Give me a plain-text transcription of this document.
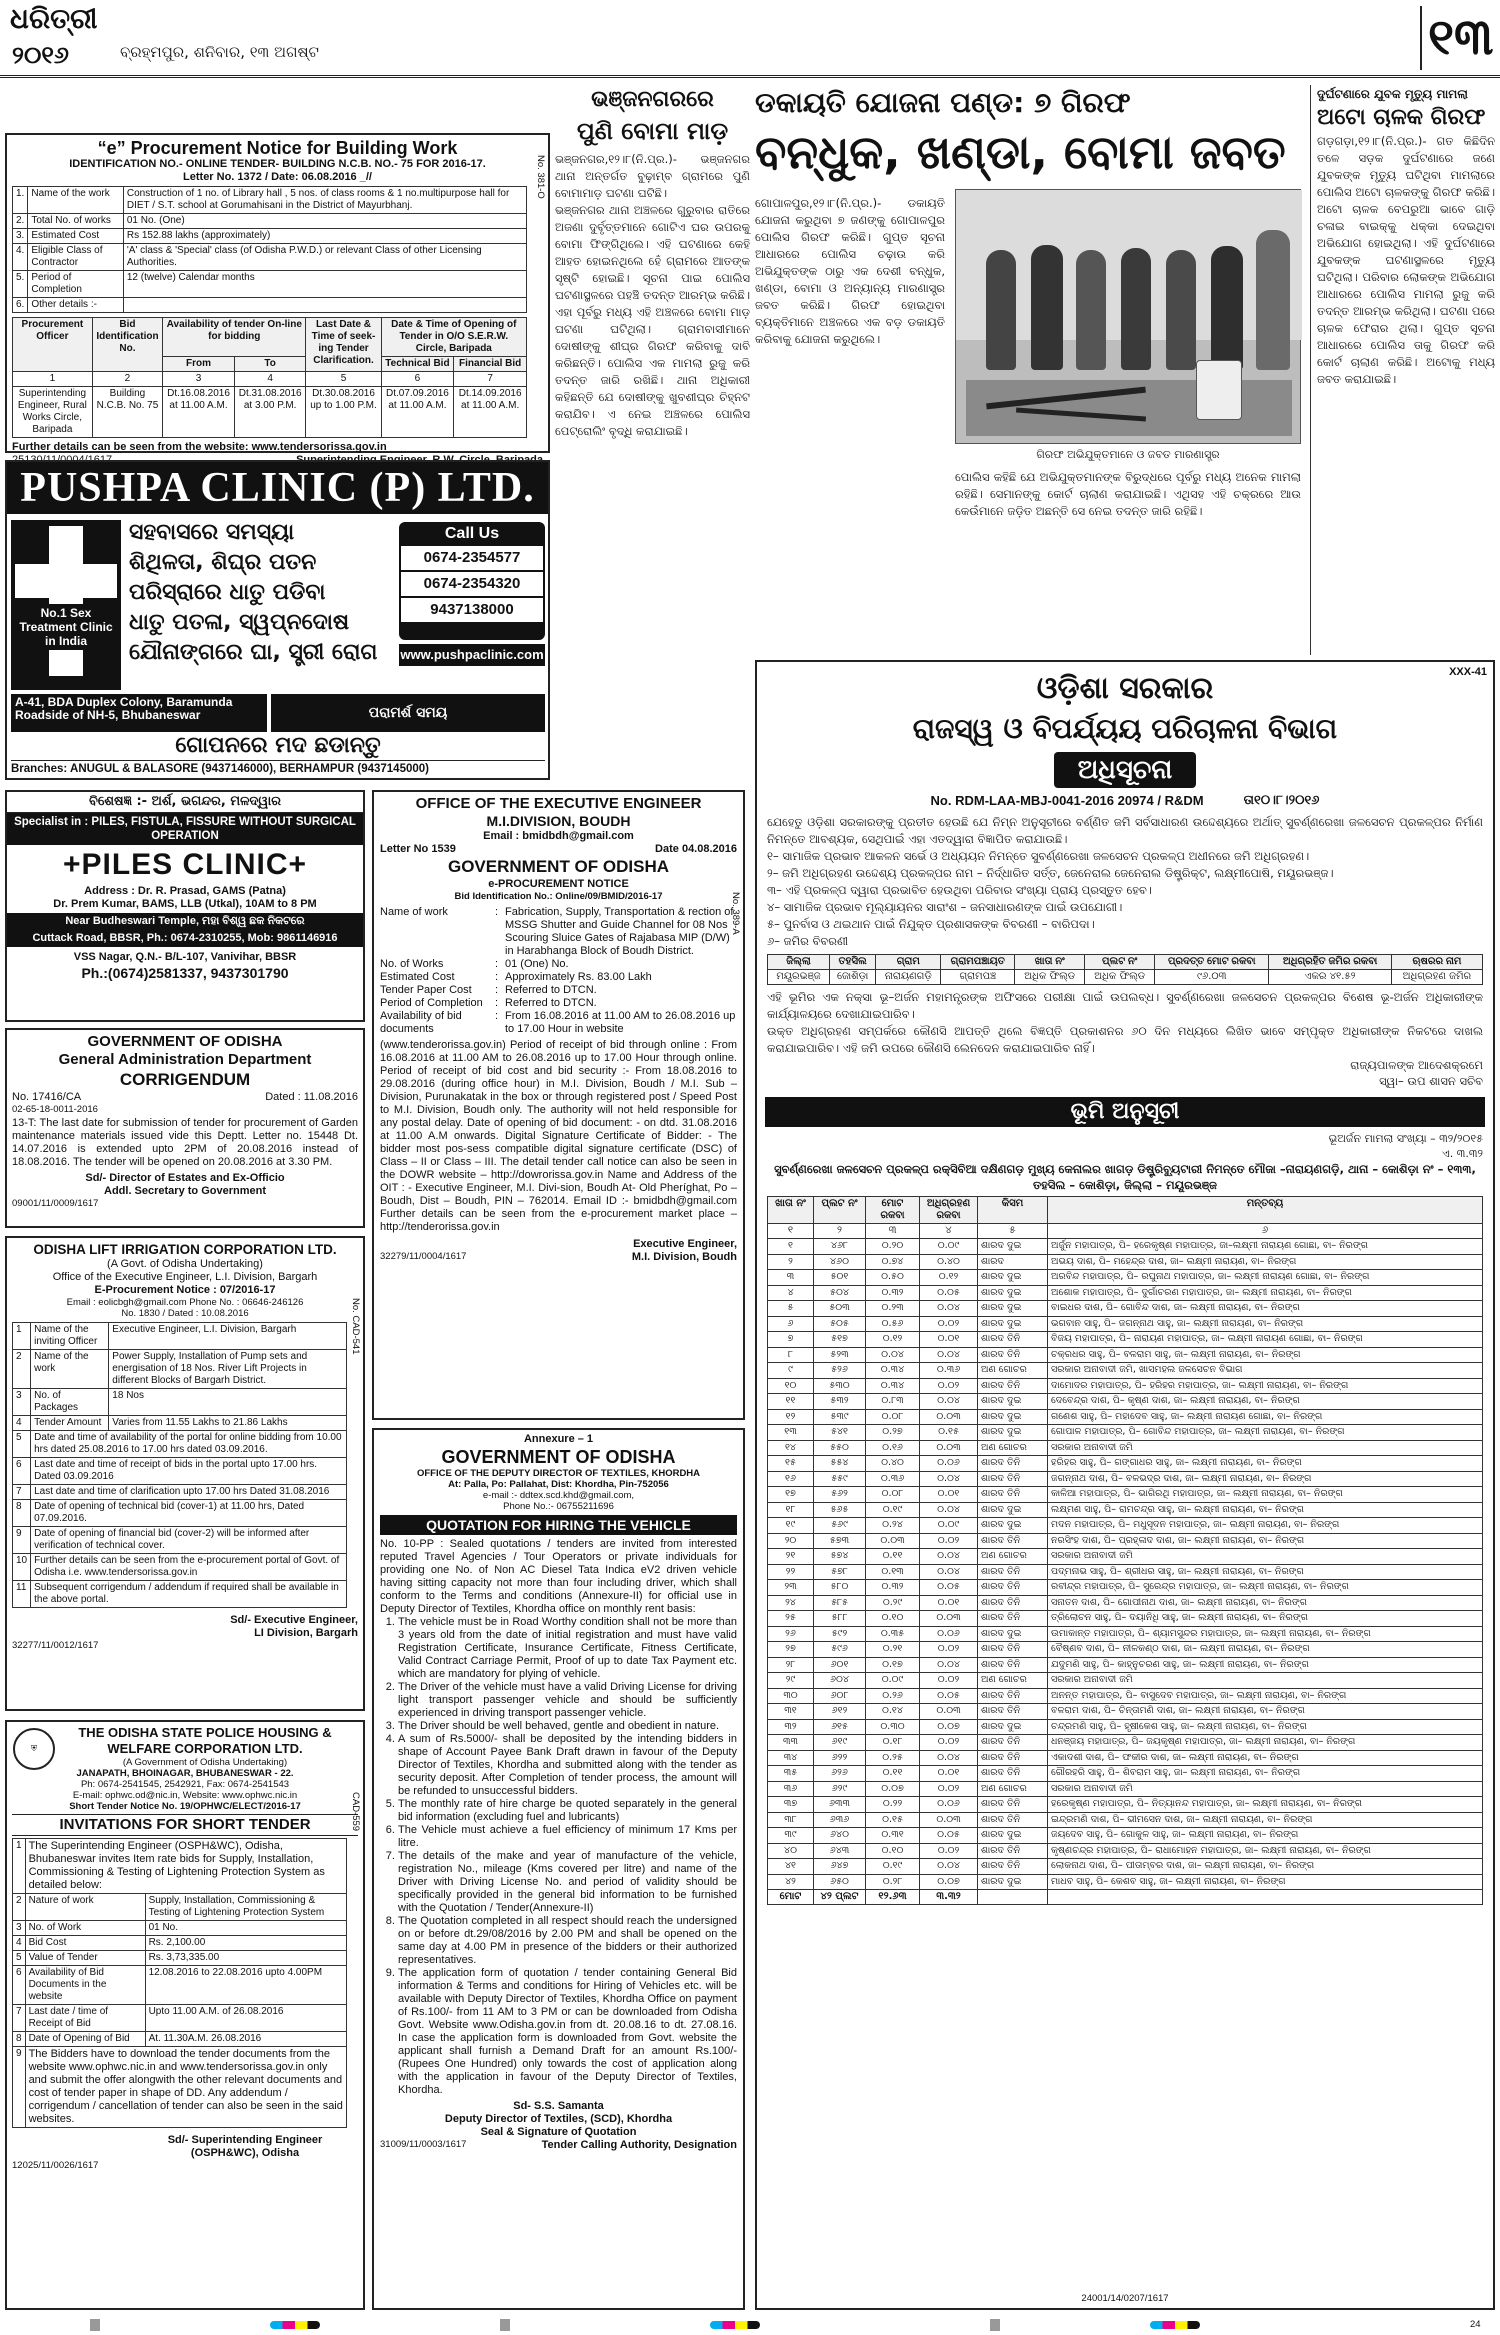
ଧରିତ୍ରୀ
୨୦୧୬	ବ୍ରହ୍ମପୁର, ଶନିବାର, ୧୩ ଅଗଷ୍ଟ	୧୩
“e” Procurement Notice for Building Work
IDENTIFICATION NO.- ONLINE TENDER- BUILDING N.C.B. NO.- 75 FOR 2016-17.
Letter No. 1372 / Date: 06.08.2016 _//	No. 381-O
1.	Name of the work	Construction of 1 no. of Library hall , 5 nos. of class rooms & 1 no.multipurpose hall for DIET / S.T. school at Gorumahisani in the District of Mayurbhanj.
2.	Total No. of works	01 No. (One)
3.	Estimated Cost	Rs 152.88 lakhs (approximately)
4.	Eligible Class of Contractor	'A' class & 'Special' class (of Odisha P.W.D.) or relevant Class of other Licensing Authorities.
5.	Period of Completion	12 (twelve) Calendar months
6.	Other details :-	
Procurement Officer	Bid Identification No.	Availability of tender On-line for bidding		Last Date & Time of seek-ing Tender Clarification.	Date & Time of Opening of Tender in O/O S.E.R.W. Circle, Baripada	
		From	To		Technical Bid	Financial Bid
1	2	3	4	5	6	7
Superintending Engineer, Rural Works Circle, Baripada	Building N.C.B. No. 75	Dt.16.08.2016 at 11.00 A.M.	Dt.31.08.2016 at 3.00 P.M.	Dt.30.08.2016 up to 1.00 P.M.	Dt.07.09.2016 at 11.00 A.M.	Dt.14.09.2016 at 11.00 A.M.
Further details can be seen from the website: www.tendersorissa.gov.in
PUSHPA CLINIC (P) LTD.
No.1 Sex Treatment Clinic in India
ସହବାସରେ ସମସ୍ୟା
ଶିଥିଳତା, ଶିଘ୍ର ପତନ
ପରିସ୍ରାରେ ଧାତୁ ପଡିବା
ଧାତୁ ପତଳା, ସ୍ୱପ୍ନଦୋଷ
ଯୌନାଙ୍ଗରେ ଘା, ସ୍ତ୍ରୀ ରୋଗ
Call Us
0674-2354577
0674-2354320
9437138000
www.pushpaclinic.com
A-41, BDA Duplex Colony, Baramunda Roadside of NH-5, Bhubaneswar	ପରାମର୍ଶ ସମୟ
ଗୋପନରେ ମଦ ଛଡାନ୍ତୁ
Branches: ANUGUL & BALASORE (9437146000), BERHAMPUR (9437145000)
ବିଶେଷଜ୍ଞ :- ଅର୍ଶ, ଭଗନ୍ଦର, ମଳଦ୍ୱାର
Specialist in : PILES, FISTULA, FISSURE WITHOUT SURGICAL OPERATION
+PILES CLINIC+
Address : Dr. R. Prasad, GAMS (Patna)
Dr. Prem Kumar, BAMS, LLB (Utkal), 10AM to 8 PM
Near Budheswari Temple, ମହା ବିଶ୍ୱ ଛକ ନିକଟରେ
Cuttack Road, BBSR, Ph.: 0674-2310255, Mob: 9861146916
VSS Nagar, Q.N.- B/L-107, Vanivihar, BBSR
Ph.:(0674)2581337, 9437301790
GOVERNMENT OF ODISHA
General Administration Department
CORRIGENDUM
No. 17416/CA	Dated : 11.08.2016
02-65-18-0011-2016
13-T: The last date for submission of tender for procurement of Garden maintenance materials issued vide this Deptt. Letter no. 15448 Dt. 14.07.2016 is extended upto 2PM of 20.08.2016 instead of 18.08.2016. The tender will be opened on 20.08.2016 at 3.30 PM.
Sd/- Director of Estates and Ex-Officio
Addl. Secretary to Government
09001/11/0009/1617
ODISHA LIFT IRRIGATION CORPORATION LTD.
(A Govt. of Odisha Undertaking)
Office of the Executive Engineer, L.I. Division, Bargarh
E-Procurement Notice : 07/2016-17
Email : eolicbgh@gmail.com Phone No. : 06646-246126
No. 1830 / Dated : 10.08.2016	No. CAD-541
1	Name of the inviting Officer	Executive Engineer, L.I. Division, Bargarh
2	Name of the work	Power Supply, Installation of Pump sets and energisation of 18 Nos. River Lift Projects in different Blocks of Bargarh District.
3	No. of Packages	18 Nos
4	Tender Amount	Varies from 11.55 Lakhs to 21.86 Lakhs
5	Date and time of availability of the portal for online bidding from 10.00 hrs dated 25.08.2016 to 17.00 hrs dated 03.09.2016.	
6	Last date and time of receipt of bids in the portal upto 17.00 hrs. Dated 03.09.2016	
7	Last date and time of clarification upto 17.00 hrs Dated 31.08.2016	
8	Date of opening of technical bid (cover-1) at 11.00 hrs, Dated 07.09.2016.	
9	Date of opening of financial bid (cover-2) will be informed after verification of technical cover.	
10	Further details can be seen from the e-procurement portal of Govt. of Odisha i.e. www.tendersorissa.gov.in	
11	Subsequent corrigendum / addendum if required shall be available in the above portal.	
Sd/- Executive Engineer,
LI Division, Bargarh
32277/11/0012/1617
⛨
THE ODISHA STATE POLICE HOUSING &
WELFARE CORPORATION LTD.
(A Government of Odisha Undertaking)
JANAPATH, BHOINAGAR, BHUBANESWAR - 22.
Ph: 0674-2541545, 2542921, Fax: 0674-2541543
E-mail: ophwc.od@nic.in, Website: www.ophwc.nic.in
Short Tender Notice No. 19/OPHWC/ELECT/2016-17	CAD-559
INVITATIONS FOR SHORT TENDER
1	The Superintending Engineer (OSPH&WC), Odisha, Bhubaneswar invites Item rate bids for Supply, Installation, Commissioning & Testing of Lightening Protection System as detailed below:	
2	Nature of work	Supply, Installation, Commissioning & Testing of Lightening Protection System
3	No. of Work	01 No.
4	Bid Cost	Rs. 2,100.00
5	Value of Tender	Rs. 3,73,335.00
6	Availability of Bid Documents in the website	12.08.2016 to 22.08.2016 upto 4.00PM
7	Last date / time of Receipt of Bid	Upto 11.00 A.M. of 26.08.2016
8	Date of Opening of Bid	At. 11.30A.M. 26.08.2016
9	The Bidders have to download the tender documents from the website www.ophwc.nic.in and www.tendersorissa.gov.in only and submit the offer alongwith the other relevant documents and cost of tender paper in shape of DD. Any addendum / corrigendum / cancellation of tender can also be seen in the said websites.	
Sd/- Superintending Engineer
(OSPH&WC), Odisha
12025/11/0026/1617
ଭଞ୍ଜନଗରରେ
ପୁଣି ବୋମା ମାଡ଼
ଭଞ୍ଜନଗର,୧୨।୮(ନି.ପ୍ର.)- ଭଞ୍ଜନଗର ଥାନା ଅନ୍ତର୍ଗତ ବୁଢ଼ାମ୍ବ ଗ୍ରାମରେ ପୁଣି ବୋମାମାଡ଼ ଘଟଣା ଘଟିଛି।
ଭଞ୍ଜନଗର ଥାନା ଅଞ୍ଚଳରେ ଗୁରୁବାର ରାତିରେ ଅଜଣା ଦୁର୍ବୃତ୍ତମାନେ ଗୋଟିଏ ଘର ଉପରକୁ ବୋମା ଫିଙ୍ଗିଥିଲେ। ଏହି ଘଟଣାରେ କେହି ଆହତ ହୋଇନଥିଲେ ହେଁ ଗ୍ରାମରେ ଆତଙ୍କ ସୃଷ୍ଟି ହୋଇଛି। ସୂଚନା ପାଇ ପୋଲିସ ଘଟଣାସ୍ଥଳରେ ପହଞ୍ଚି ତଦନ୍ତ ଆରମ୍ଭ କରିଛି। ଏହା ପୂର୍ବରୁ ମଧ୍ୟ ଏହି ଅଞ୍ଚଳରେ ବୋମା ମାଡ଼ ଘଟଣା ଘଟିଥିଲା। ଗ୍ରାମବାସୀମାନେ ଦୋଷୀଙ୍କୁ ଶୀଘ୍ର ଗିରଫ କରିବାକୁ ଦାବି କରିଛନ୍ତି। ପୋଲିସ ଏକ ମାମଲା ରୁଜୁ କରି ତଦନ୍ତ ଜାରି ରଖିଛି। ଥାନା ଅଧିକାରୀ କହିଛନ୍ତି ଯେ ଦୋଷୀଙ୍କୁ ଖୁବଶୀଘ୍ର ଚିହ୍ନଟ କରାଯିବ। ଏ ନେଇ ଅଞ୍ଚଳରେ ପୋଲିସ ପେଟ୍ରୋଲିଂ ବୃଦ୍ଧି କରାଯାଇଛି।
OFFICE OF THE EXECUTIVE ENGINEER
M.I.DIVISION, BOUDH
Email : bmidbdh@gmail.com
Letter No 1539	Date 04.08.2016
GOVERNMENT OF ODISHA
e-PROCUREMENT NOTICE
Bid Identification No.: Online/09/BMID/2016-17	No. 389-A
Name of work	: Fabrication, Supply, Transportation & rection of MSSG Shutter and Guide Channel for 08 Nos Scouring Sluice Gates of Rajabasa MIP (D/W) in Harabhanga Block of Boudh District.
No. of Works	: 01 (One) No.
Estimated Cost	: Approximately Rs. 83.00 Lakh
Tender Paper Cost	: Referred to DTCN.
Period of Completion	: Referred to DTCN.
Availability of bid documents
: From 16.08.2016 at 11.00 AM to 26.08.2016 up to 17.00 Hour in website
(www.tenderorissa.gov.in) Period of receipt of bid through online : From 16.08.2016 at 11.00 AM to 26.08.2016 up to 17.00 Hour through online. Period of receipt of bid cost and bid security :- From 18.08.2016 to 29.08.2016 (during office hour) in M.I. Division, Boudh / M.I. Sub – Division, Purunakatak in the box or through registered post / Speed Post to M.I. Division, Boudh only. The authority will not held responsible for any postal delay. Date of opening of bid document: - on dtd. 31.08.2016 at 11.00 A.M onwards. Digital Signature Certificate of Bidder: - The bidder most pos-sess compatible digital signature certificate (DSC) of Class – II or Class – III. The detail tender call notice can also be seen in the DOWR website – http://dowrorissa.gov.in Name and Address of the OIT : - Executive Engineer, M.I. Divi-sion, Boudh At- Old Pheríghat, Po – Boudh, Dist – Boudh, PIN – 762014. Email ID :- bmidbdh@gmail.com Further details can be seen from the e-procurement market place – http://tenderorissa.gov.in
Executive Engineer,
32279/11/0004/1617	M.I. Division, Boudh
Annexure – 1
GOVERNMENT OF ODISHA
OFFICE OF THE DEPUTY DIRECTOR OF TEXTILES, KHORDHA
At: Palla, Po: Pallahat, Dist: Khordha, Pin-752056
e-mail :- ddtex.scd.khd@gmail.com,
Phone No.:- 06755211696
QUOTATION FOR HIRING THE VEHICLE
No. 10-PP : Sealed quotations / tenders are invited from interested reputed Travel Agencies / Tour Operators or private individuals for providing one No. of Non AC Diesel Tata Indica eV2 driven vehicle having sitting capacity not more than four including driver, which shall conform to the Terms and conditions (Annexure-II) for official use in Deputy Director of Textiles, Khordha office on monthly rent basis:
1. The vehicle must be in Road Worthy condition shall not be more than 3 years old from the date of initial registration and must have valid Registration Certificate, Insurance Certificate, Fitness Certificate, Valid Contract Carriage Permit, Proof of up to date Tax Payment etc. which are mandatory for plying of vehicle.
2. The Driver of the vehicle must have a valid Driving License for driving light transport passenger vehicle and should be sufficiently experienced in driving transport passenger vehicle.
3. The Driver should be well behaved, gentle and obedient in nature.
4. A sum of Rs.5000/- shall be deposited by the intending bidders in shape of Account Payee Bank Draft drawn in favour of the Deputy Director of Textiles, Khordha and submitted along with the tender as security deposit. After Completion of tender process, the amount will be refunded to unsuccessful bidders.
5. The monthly rate of hire charge be quoted separately in the general bid information (excluding fuel and lubricants)
6. The Vehicle must achieve a fuel efficiency of minimum 17 Kms per litre.
7. The details of the make and year of manufacture of the vehicle, registration No., mileage (Kms covered per litre) and name of the Driver with Driving License No. and period of validity should be specifically provided in the general bid information to be furnished with the Quotation / Tender(Annexure-II)
8. The Quotation completed in all respect should reach the undersigned on or before dt.29/08/2016 by 2.00 PM and shall be opened on the same day at 4.00 PM in presence of the bidders or their authorized representatives.
9. The application form of quotation / tender containing General Bid information & Terms and conditions for Hiring of Vehicles etc. will be available with Deputy Director of Textiles, Khordha Office on payment of Rs.100/- from 11 AM to 3 PM or can be downloaded from Odisha Govt. Website www.Odisha.gov.in from dt. 20.08.16 to dt. 27.08.16. In case the application form is downloaded from Govt. website the applicant shall furnish a Demand Draft for an amount Rs.100/- (Rupees One Hundred) only towards the cost of application along with the application in favour of the Deputy Director of Textiles, Khordha.
Sd- S.S. Samanta
Deputy Director of Textiles, (SCD), Khordha
Seal & Signature of Quotation
31009/11/0003/1617	Tender Calling Authority, Designation
ଡକାୟତି ଯୋଜନା ପଣ୍ଡ: ୭ ଗିରଫ
ବନ୍ଧୁକ, ଖଣ୍ଡା, ବୋମା ଜବତ
ଗୋପାଳପୁର,୧୨।୮(ନି.ପ୍ର.)- ଡକାୟତି ଯୋଜନା କରୁଥିବା ୭ ଜଣଙ୍କୁ ଗୋପାଳପୁର ପୋଲିସ ଗିରଫ କରିଛି। ଗୁପ୍ତ ସୂଚନା ଆଧାରରେ ପୋଲିସ ଚଢ଼ାଉ କରି ଅଭିଯୁକ୍ତଙ୍କ ଠାରୁ ଏକ ଦେଶୀ ବନ୍ଧୁକ, ଖଣ୍ଡା, ବୋମା ଓ ଅନ୍ୟାନ୍ୟ ମାରଣାସ୍ତ୍ର ଜବତ କରିଛି। ଗିରଫ ହୋଇଥିବା ବ୍ୟକ୍ତିମାନେ ଅଞ୍ଚଳରେ ଏକ ବଡ଼ ଡକାୟତି କରିବାକୁ ଯୋଜନା କରୁଥିଲେ।
ଗିରଫ ଅଭିଯୁକ୍ତମାନେ ଓ ଜବତ ମାରଣାସ୍ତ୍ର
ପୋଲିସ କହିଛି ଯେ ଅଭିଯୁକ୍ତମାନଙ୍କ ବିରୁଦ୍ଧରେ ପୂର୍ବରୁ ମଧ୍ୟ ଅନେକ ମାମଲା ରହିଛି। ସେମାନଙ୍କୁ କୋର୍ଟ ଚାଲାଣ କରାଯାଇଛି। ଏଥିସହ ଏହି ଚକ୍ରରେ ଆଉ କେଉଁମାନେ ଜଡ଼ିତ ଅଛନ୍ତି ସେ ନେଇ ତଦନ୍ତ ଜାରି ରହିଛି।
ଦୁର୍ଘଟଣାରେ ଯୁବକ ମୃତ୍ୟୁ ମାମଲା
ଅଟୋ ଚାଳକ ଗିରଫ
ଗଡ଼ଗଡ଼ା,୧୨।୮(ନି.ପ୍ର.)- ଗତ କିଛିଦିନ ତଳେ ସଡ଼କ ଦୁର୍ଘଟଣାରେ ଜଣେ ଯୁବକଙ୍କ ମୃତ୍ୟୁ ଘଟିଥିବା ମାମଲାରେ ପୋଲିସ ଅଟୋ ଚାଳକଙ୍କୁ ଗିରଫ କରିଛି। ଅଟୋ ଚାଳକ ବେପରୁଆ ଭାବେ ଗାଡ଼ି ଚଳାଇ ବାଇକ୍‌କୁ ଧକ୍କା ଦେଇଥିବା ଅଭିଯୋଗ ହୋଇଥିଲା। ଏହି ଦୁର୍ଘଟଣାରେ ଯୁବକଙ୍କ ଘଟଣାସ୍ଥଳରେ ମୃତ୍ୟୁ ଘଟିଥିଲା। ପରିବାର ଲୋକଙ୍କ ଅଭିଯୋଗ ଆଧାରରେ ପୋଲିସ ମାମଲା ରୁଜୁ କରି ତଦନ୍ତ ଆରମ୍ଭ କରିଥିଲା। ଘଟଣା ପରେ ଚାଳକ ଫେରାର ଥିଲା। ଗୁପ୍ତ ସୂଚନା ଆଧାରରେ ପୋଲିସ ତାକୁ ଗିରଫ କରି କୋର୍ଟ ଚାଲାଣ କରିଛି। ଅଟୋକୁ ମଧ୍ୟ ଜବତ କରାଯାଇଛି।
XXX-41
ଓଡ଼ିଶା ସରକାର
ରାଜସ୍ୱ ଓ ବିପର୍ଯ୍ୟୟ ପରିଚାଳନା ବିଭାଗ
ଅଧିସୂଚନା
No. RDM-LAA-MBJ-0041-2016 20974 / R&DM	ତା୧୦।୮।୨୦୧୬
ଯେହେତୁ ଓଡ଼ିଶା ସରକାରଙ୍କୁ ପ୍ରତୀତ ହେଉଛି ଯେ ନିମ୍ନ ଅନୁସୂଚୀରେ ବର୍ଣ୍ଣିତ ଜମି ସର୍ବସାଧାରଣ ଉଦ୍ଦେଶ୍ୟରେ ଅର୍ଥାତ୍ ସୁବର୍ଣ୍ଣରେଖା ଜଳସେଚନ ପ୍ରକଳ୍ପର ନିର୍ମାଣ ନିମନ୍ତେ ଆବଶ୍ୟକ, ସେଥିପାଇଁ ଏହା ଏତଦ୍ୱାରା ବିଜ୍ଞାପିତ କରାଯାଉଛି।
୧– ସାମାଜିକ ପ୍ରଭାବ ଆକଳନ ସର୍ଭେ ଓ ଅଧ୍ୟୟନ ନିମନ୍ତେ ସୁବର୍ଣ୍ଣରେଖା ଜଳସେଚନ ପ୍ରକଳ୍ପ ଅଧୀନରେ ଜମି ଅଧିଗ୍ରହଣ।
୨– ଜମି ଅଧିଗ୍ରହଣ ଉଦ୍ଦେଶ୍ୟ ପ୍ରକଳ୍ପର ନାମ – ନିର୍ଦ୍ଧାରିତ ସର୍ତ୍ତ, ଜେନେରାଲ ଜେନେରାଲ ଡିଷ୍ଟ୍ରିକ୍ଟ, ଲକ୍ଷ୍ମୀପୋଷି, ମୟୂରଭଞ୍ଜ।
୩– ଏହି ପ୍ରକଳ୍ପ ଦ୍ୱାରା ପ୍ରଭାବିତ ହେଉଥିବା ପରିବାର ସଂଖ୍ୟା ପ୍ରାୟ ପ୍ରସ୍ତୁତ ହେବ।
୪– ସାମାଜିକ ପ୍ରଭାବ ମୂଲ୍ୟାୟନର ସାରାଂଶ – ଜନସାଧାରଣଙ୍କ ପାଇଁ ଉପଯୋଗୀ।
୫– ପୁନର୍ବାସ ଓ ଥଇଥାନ ପାଇଁ ନିଯୁକ୍ତ ପ୍ରଶାସକଙ୍କ ବିବରଣୀ – ବାରିପଦା।
୬– ଜମିର ବିବରଣୀ
ଜିଲ୍ଲା	ତହସିଲ	ଗ୍ରାମ	ଗ୍ରାମପଞ୍ଚାୟତ	ଖାତା ନଂ	ପ୍ଲଟ ନଂ	ପ୍ରଦତ୍ତ ମୋଟ ରକବା	ଅଧିଗ୍ରହିତ ଜମିର ରକବା	ଋଷରର ନାମ
ମୟୂରଭଞ୍ଜ	ଜୋଶିଡ଼ା	ନାରାୟଣଗଡ଼ି	ଗ୍ରାମପଞ୍ଚ	ଅଧିକ ଫିଲ୍ଡ	ଅଧିକ ଫିଲ୍ଡ	୯୬.୦୩	ଏକର ୪୧.୫୨	ଅଧିଗ୍ରହଣ ଜମିର
ଏହି ଭୂମିର ଏକ ନକ୍ସା ଭୂ–ଅର୍ଜନ ମହାମନ୍ତ୍ରଙ୍କ ଅଫିସରେ ପରୀକ୍ଷା ପାଇଁ ଉପଲବ୍ଧ। ସୁବର୍ଣ୍ଣରେଖା ଜଳସେଚନ ପ୍ରକଳ୍ପର ବିଶେଷ ଭୂ-ଅର୍ଜନ ଅଧିକାରୀଙ୍କ କାର୍ଯ୍ୟାଳୟରେ ଦେଖାଯାଇପାରିବ।
ଉକ୍ତ ଅଧିଗ୍ରହଣ ସମ୍ପର୍କରେ କୌଣସି ଆପତ୍ତି ଥିଲେ ବିଜ୍ଞପ୍ତି ପ୍ରକାଶନର ୬୦ ଦିନ ମଧ୍ୟରେ ଲିଖିତ ଭାବେ ସମ୍ପୃକ୍ତ ଅଧିକାରୀଙ୍କ ନିକଟରେ ଦାଖଲ କରାଯାଇପାରିବ। ଏହି ଜମି ଉପରେ କୌଣସି ଲେନଦେନ କରାଯାଇପାରିବ ନାହିଁ।
ରାଜ୍ୟପାଳଙ୍କ ଆଦେଶକ୍ରମେ
ସ୍ୱା– ଉପ ଶାସନ ସଚିବ
ଭୂମି ଅନୁସୂଚୀ
ଭୂଅର୍ଜନ ମାମଲା ସଂଖ୍ୟା – ୩୨/୨୦୧୫
ଏ. ୩.୩୨
ସୁବର୍ଣ୍ଣରେଖା ଜଳସେଚନ ପ୍ରକଳ୍ପ ରକ୍ସିବିଆ ଦକ୍ଷିଣଗଡ଼ ମୁଖ୍ୟ କେନାଲର ଖାଗଡ଼ ଡିଷ୍ଟ୍ରିବ୍ୟୁଟାରୀ ନିମନ୍ତେ ମୌଜା –ନାରାୟଣଗଡ଼ି, ଥାନା – କୋଶିଡ଼ା ନଂ – ୧୩୩, ତହସିଲ – କୋଶିଡ଼ା, ଜିଲ୍ଲା – ମୟୂରଭଞ୍ଜ
ଖାତା ନଂ	ପ୍ଲଟ ନଂ	ମୋଟ ରକବା	ଅଧିଗ୍ରହଣ ରକବା	କିସମ	ମନ୍ତବ୍ୟ
୧	୨	୩	୪	୫	୬
୧	୪୬୮	୦.୨୦	୦.୦୯	ଶାରଦ ଦୁଇ	ଅର୍ଜୁନ ମହାପାତ୍ର, ପି– ହରେକୃଷ୍ଣ ମହାପାତ୍ର, ଜା–ଲକ୍ଷ୍ମୀ ନାରାୟଣ ଗୋଛା, ବା– ନିରଙ୍ଗ
୨	୪୬୦	୦.୭୪	୦.୪୦	ଶାରଦ	ଅଭୟ ଦାଶ, ପି– ମହେନ୍ଦ୍ର ଦାଶ, ଜା– ଲକ୍ଷ୍ମୀ ନାରାୟଣ, ବା– ନିରଙ୍ଗ
୩	୫୦୧	୦.୫୦	୦.୧୨	ଶାରଦ ଦୁଇ	ଅରବିନ୍ଦ ମହାପାତ୍ର, ପି– ରଘୁନାଥ ମହାପାତ୍ର, ଜା– ଲକ୍ଷ୍ମୀ ନାରାୟଣ ଗୋଛା, ବା– ନିରଙ୍ଗ
୪	୫୦୪	୦.୩୨	୦.୦୫	ଶାରଦ ଦୁଇ	ଅଶୋକ ମହାପାତ୍ର, ପି– ଦୁର୍ଗାଚରଣ ମହାପାତ୍ର, ଜା– ଲକ୍ଷ୍ମୀ ନାରାୟଣ, ବା– ନିରଙ୍ଗ
୫	୫୦୩	୦.୨୩	୦.୦୪	ଶାରଦ ଦୁଇ	ବାଇଧର ଦାଶ, ପି– ଗୋବିନ୍ଦ ଦାଶ, ଜା– ଲକ୍ଷ୍ମୀ ନାରାୟଣ, ବା– ନିରଙ୍ଗ
୬	୫୦୫	୦.୫୬	୦.୦୨	ଶାରଦ ଦୁଇ	ଭଗବାନ ସାହୁ, ପି– ଜଗନ୍ନାଥ ସାହୁ, ଜା– ଲକ୍ଷ୍ମୀ ନାରାୟଣ, ବା– ନିରଙ୍ଗ
୭	୫୧୭	୦.୧୨	୦.୦୧	ଶାରଦ ତିନି	ବିଜୟ ମହାପାତ୍ର, ପି– ନାରାୟଣ ମହାପାତ୍ର, ଜା– ଲକ୍ଷ୍ମୀ ନାରାୟଣ ଗୋଛା, ବା– ନିରଙ୍ଗ
୮	୫୨୩	୦.୦୪	୦.୦୪	ଶାରଦ ତିନି	ଚକ୍ରଧର ସାହୁ, ପି– ବଳରାମ ସାହୁ, ଜା– ଲକ୍ଷ୍ମୀ ନାରାୟଣ, ବା– ନିରଙ୍ଗ
୯	୫୨୬	୦.୩୪	୦.୩୬	ଅଣ ଗୋଚର	ସରକାର ଅନାବାଦୀ ଜମି, ଖାସମହଲ ଜଳସେଚନ ବିଭାଗ
୧୦	୫୩୦	୦.୩୪	୦.୦୨	ଶାରଦ ତିନି	ଦାମୋଦର ମହାପାତ୍ର, ପି– ହରିହର ମହାପାତ୍ର, ଜା– ଲକ୍ଷ୍ମୀ ନାରାୟଣ, ବା– ନିରଙ୍ଗ
୧୧	୫୩୨	୦.୮୩	୦.୦୪	ଶାରଦ ଦୁଇ	ଦେବେନ୍ଦ୍ର ଦାଶ, ପି– କୃଷ୍ଣ ଦାଶ, ଜା– ଲକ୍ଷ୍ମୀ ନାରାୟଣ, ବା– ନିରଙ୍ଗ
୧୨	୫୩୯	୦.୦୮	୦.୦୩	ଶାରଦ ଦୁଇ	ଗଣେଶ ସାହୁ, ପି– ମହାଦେବ ସାହୁ, ଜା– ଲକ୍ଷ୍ମୀ ନାରାୟଣ ଗୋଛା, ବା– ନିରଙ୍ଗ
୧୩	୫୪୧	୦.୨୭	୦.୧୫	ଶାରଦ ଦୁଇ	ଗୋପାଳ ମହାପାତ୍ର, ପି– ଗୋବିନ୍ଦ ମହାପାତ୍ର, ଜା– ଲକ୍ଷ୍ମୀ ନାରାୟଣ, ବା– ନିରଙ୍ଗ
୧୪	୫୫୦	୦.୧୬	୦.୦୩	ଅଣ ଗୋଚର	ସରକାର ଅନାବାଦୀ ଜମି
୧୫	୫୫୪	୦.୪୦	୦.୦୬	ଶାରଦ ତିନି	ହରିହର ସାହୁ, ପି– ଗଙ୍ଗାଧର ସାହୁ, ଜା– ଲକ୍ଷ୍ମୀ ନାରାୟଣ, ବା– ନିରଙ୍ଗ
୧୬	୫୫୯	୦.୩୬	୦.୦୪	ଶାରଦ ତିନି	ଜଗନ୍ନାଥ ଦାଶ, ପି– ବଳଭଦ୍ର ଦାଶ, ଜା– ଲକ୍ଷ୍ମୀ ନାରାୟଣ, ବା– ନିରଙ୍ଗ
୧୭	୫୬୨	୦.୦୮	୦.୦୧	ଶାରଦ ତିନି	କାଳିଆ ମହାପାତ୍ର, ପି– ଭାଗିରଥି ମହାପାତ୍ର, ଜା– ଲକ୍ଷ୍ମୀ ନାରାୟଣ, ବା– ନିରଙ୍ଗ
୧୮	୫୬୫	୦.୧୯	୦.୦୪	ଶାରଦ ଦୁଇ	ଲକ୍ଷ୍ମଣ ସାହୁ, ପି– ରାମଚନ୍ଦ୍ର ସାହୁ, ଜା– ଲକ୍ଷ୍ମୀ ନାରାୟଣ, ବା– ନିରଙ୍ଗ
୧୯	୫୬୯	୦.୨୪	୦.୦୯	ଶାରଦ ଦୁଇ	ମଦନ ମହାପାତ୍ର, ପି– ମଧୁସୂଦନ ମହାପାତ୍ର, ଜା– ଲକ୍ଷ୍ମୀ ନାରାୟଣ, ବା– ନିରଙ୍ଗ
୨୦	୫୭୩	୦.୦୩	୦.୦୨	ଶାରଦ ତିନି	ନରସିଂହ ଦାଶ, ପି– ପ୍ରହ୍ଳାଦ ଦାଶ, ଜା– ଲକ୍ଷ୍ମୀ ନାରାୟଣ, ବା– ନିରଙ୍ଗ
୨୧	୫୭୪	୦.୧୧	୦.୦୪	ଅଣ ଗୋଚର	ସରକାର ଅନାବାଦୀ ଜମି
୨୨	୫୭୮	୦.୧୩	୦.୦୪	ଶାରଦ ତିନି	ପଦ୍ମନାଭ ସାହୁ, ପି– ଶ୍ରୀଧର ସାହୁ, ଜା– ଲକ୍ଷ୍ମୀ ନାରାୟଣ, ବା– ନିରଙ୍ଗ
୨୩	୫୮୦	୦.୩୨	୦.୦୫	ଶାରଦ ତିନି	ରବୀନ୍ଦ୍ର ମହାପାତ୍ର, ପି– ସୁରେନ୍ଦ୍ର ମହାପାତ୍ର, ଜା– ଲକ୍ଷ୍ମୀ ନାରାୟଣ, ବା– ନିରଙ୍ଗ
୨୪	୫୮୫	୦.୨୯	୦.୦୧	ଶାରଦ ତିନି	ସନାତନ ଦାଶ, ପି– ଗୋପୀନାଥ ଦାଶ, ଜା– ଲକ୍ଷ୍ମୀ ନାରାୟଣ, ବା– ନିରଙ୍ଗ
୨୫	୫୮୮	୦.୧୦	୦.୦୩	ଶାରଦ ତିନି	ତ୍ରିଲୋଚନ ସାହୁ, ପି– ଦୟାନିଧି ସାହୁ, ଜା– ଲକ୍ଷ୍ମୀ ନାରାୟଣ, ବା– ନିରଙ୍ଗ
୨୬	୫୯୨	୦.୩୫	୦.୦୬	ଶାରଦ ଦୁଇ	ଉମାକାନ୍ତ ମହାପାତ୍ର, ପି– ଶ୍ୟାମସୁନ୍ଦର ମହାପାତ୍ର, ଜା– ଲକ୍ଷ୍ମୀ ନାରାୟଣ, ବା– ନିରଙ୍ଗ
୨୭	୫୯୬	୦.୨୧	୦.୦୨	ଶାରଦ ତିନି	ବୈଷ୍ଣବ ଦାଶ, ପି– ନୀଳକଣ୍ଠ ଦାଶ, ଜା– ଲକ୍ଷ୍ମୀ ନାରାୟଣ, ବା– ନିରଙ୍ଗ
୨୮	୬୦୧	୦.୧୭	୦.୦୪	ଶାରଦ ତିନି	ଯଦୁମଣି ସାହୁ, ପି– କାହ୍ନୁଚରଣ ସାହୁ, ଜା– ଲକ୍ଷ୍ମୀ ନାରାୟଣ, ବା– ନିରଙ୍ଗ
୨୯	୬୦୪	୦.୦୯	୦.୦୨	ଅଣ ଗୋଚର	ସରକାର ଅନାବାଦୀ ଜମି
୩୦	୬୦୮	୦.୨୬	୦.୦୫	ଶାରଦ ତିନି	ଅନନ୍ତ ମହାପାତ୍ର, ପି– ବାସୁଦେବ ମହାପାତ୍ର, ଜା– ଲକ୍ଷ୍ମୀ ନାରାୟଣ, ବା– ନିରଙ୍ଗ
୩୧	୬୧୨	୦.୧୪	୦.୦୩	ଶାରଦ ତିନି	ବଳରାମ ଦାଶ, ପି– ଚିନ୍ତାମଣି ଦାଶ, ଜା– ଲକ୍ଷ୍ମୀ ନାରାୟଣ, ବା– ନିରଙ୍ଗ
୩୨	୬୧୫	୦.୩୦	୦.୦୭	ଶାରଦ ଦୁଇ	ଚନ୍ଦ୍ରମଣି ସାହୁ, ପି– ହୃଷୀକେଶ ସାହୁ, ଜା– ଲକ୍ଷ୍ମୀ ନାରାୟଣ, ବା– ନିରଙ୍ଗ
୩୩	୬୧୯	୦.୧୮	୦.୦୨	ଶାରଦ ତିନି	ଧନଞ୍ଜୟ ମହାପାତ୍ର, ପି– ଜୟକୃଷ୍ଣ ମହାପାତ୍ର, ଜା– ଲକ୍ଷ୍ମୀ ନାରାୟଣ, ବା– ନିରଙ୍ଗ
୩୪	୬୨୨	୦.୨୫	୦.୦୪	ଶାରଦ ତିନି	ଏକାଦଶୀ ଦାଶ, ପି– ଫକୀର ଦାଶ, ଜା– ଲକ୍ଷ୍ମୀ ନାରାୟଣ, ବା– ନିରଙ୍ଗ
୩୫	୬୨୬	୦.୧୧	୦.୦୧	ଶାରଦ ତିନି	ଗୌରହରି ସାହୁ, ପି– ଶିବରାମ ସାହୁ, ଜା– ଲକ୍ଷ୍ମୀ ନାରାୟଣ, ବା– ନିରଙ୍ଗ
୩୬	୬୨୯	୦.୦୭	୦.୦୨	ଅଣ ଗୋଚର	ସରକାର ଅନାବାଦୀ ଜମି
୩୭	୬୩୩	୦.୨୨	୦.୦୬	ଶାରଦ ତିନି	ହରେକୃଷ୍ଣ ମହାପାତ୍ର, ପି– ନିତ୍ୟାନନ୍ଦ ମହାପାତ୍ର, ଜା– ଲକ୍ଷ୍ମୀ ନାରାୟଣ, ବା– ନିରଙ୍ଗ
୩୮	୬୩୬	୦.୧୫	୦.୦୩	ଶାରଦ ତିନି	ଇନ୍ଦ୍ରମଣି ଦାଶ, ପି– ଭୀମସେନ ଦାଶ, ଜା– ଲକ୍ଷ୍ମୀ ନାରାୟଣ, ବା– ନିରଙ୍ଗ
୩୯	୬୪୦	୦.୩୧	୦.୦୫	ଶାରଦ ଦୁଇ	ଜୟଦେବ ସାହୁ, ପି– ଗୋକୁଳ ସାହୁ, ଜା– ଲକ୍ଷ୍ମୀ ନାରାୟଣ, ବା– ନିରଙ୍ଗ
୪୦	୬୪୩	୦.୧୦	୦.୦୨	ଶାରଦ ତିନି	କୃଷ୍ଣଚନ୍ଦ୍ର ମହାପାତ୍ର, ପି– ରାଧାମୋହନ ମହାପାତ୍ର, ଜା– ଲକ୍ଷ୍ମୀ ନାରାୟଣ, ବା– ନିରଙ୍ଗ
୪୧	୬୪୭	୦.୧୯	୦.୦୪	ଶାରଦ ତିନି	ଲୋକନାଥ ଦାଶ, ପି– ପୀତାମ୍ବର ଦାଶ, ଜା– ଲକ୍ଷ୍ମୀ ନାରାୟଣ, ବା– ନିରଙ୍ଗ
୪୨	୬୫୦	୦.୨୮	୦.୦୭	ଶାରଦ ଦୁଇ	ମାଧବ ସାହୁ, ପି– କେଶବ ସାହୁ, ଜା– ଲକ୍ଷ୍ମୀ ନାରାୟଣ, ବା– ନିରଙ୍ଗ
ମୋଟ	୪୨ ପ୍ଲଟ	୧୨.୬୩	୩.୩୨		
24001/14/0207/1617
24
